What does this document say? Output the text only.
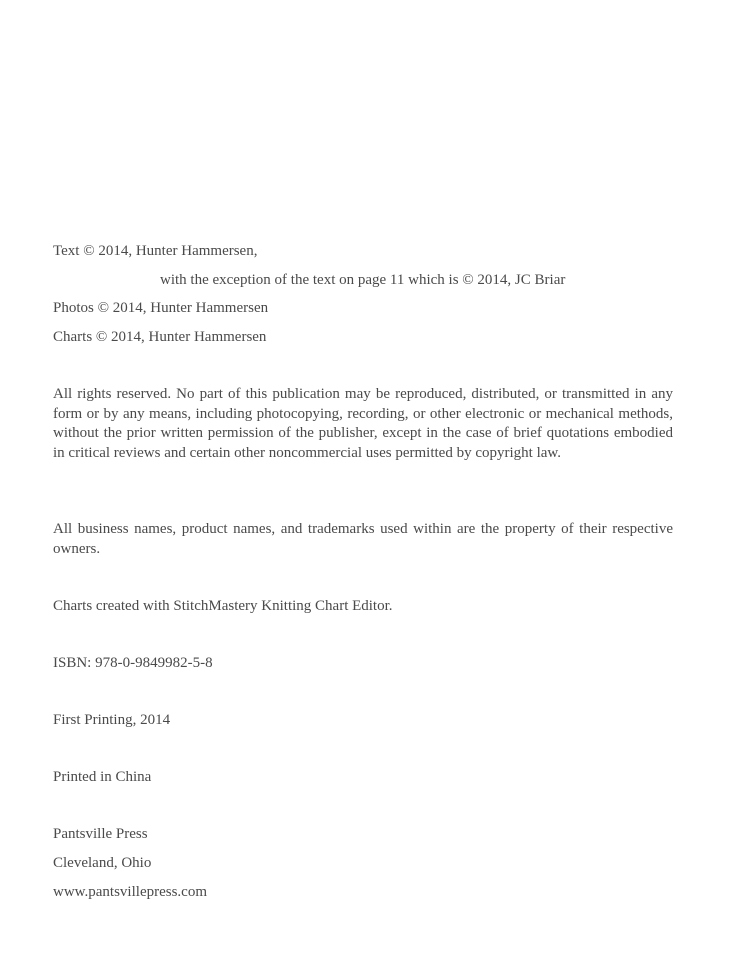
Text © 2014, Hunter Hammersen,
with the exception of the text on page 11 which is © 2014, JC Briar
Photos © 2014, Hunter Hammersen
Charts © 2014, Hunter Hammersen

All rights reserved. No part of this publication may be reproduced, distributed, or transmitted in any form or by any means, including photocopying, recording, or other electronic or mechanical methods, without the prior written permission of the publisher, except in the case of brief quotations embodied in critical reviews and certain other noncommercial uses permitted by copyright law.

All business names, product names, and trademarks used within are the property of their respective owners.

Charts created with StitchMastery Knitting Chart Editor.
ISBN: 978-0-9849982-5-8
First Printing, 2014
Printed in China
Pantsville Press
Cleveland, Ohio
www.pantsvillepress.com
